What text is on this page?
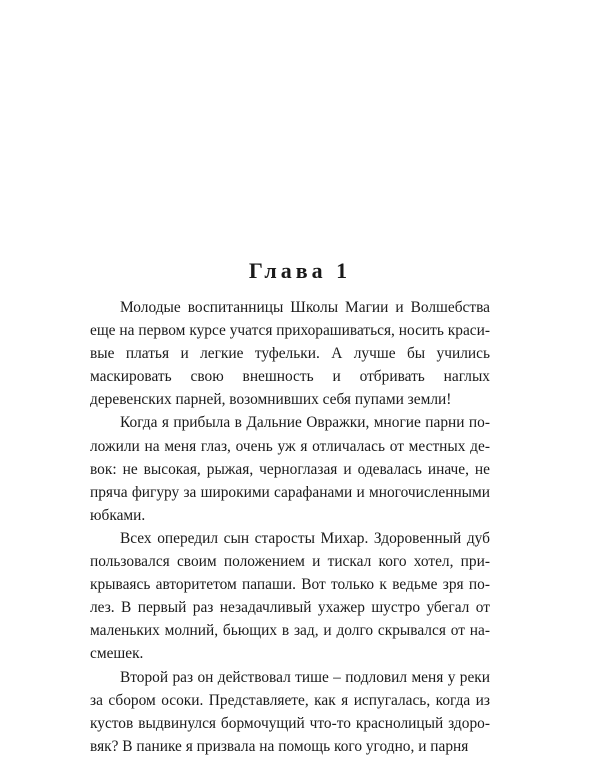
Глава 1

Молодые воспитанницы Школы Магии и Волшебства еще на первом курсе учатся прихорашиваться, носить красивые платья и легкие туфельки. А лучше бы учились маскировать свою внешность и отбривать наглых деревенских парней, возомнивших себя пупами земли!

Когда я прибыла в Дальние Овражки, многие парни положили на меня глаз, очень уж я отличалась от местных девок: не высокая, рыжая, черноглазая и одевалась иначе, не пряча фигуру за широкими сарафанами и многочисленными юбками.

Всех опередил сын старосты Михар. Здоровенный дуб пользовался своим положением и тискал кого хотел, прикрываясь авторитетом папаши. Вот только к ведьме зря полез. В первый раз незадачливый ухажер шустро убегал от маленьких молний, бьющих в зад, и долго скрывался от насмешек.

Второй раз он действовал тише – подловил меня у реки за сбором осоки. Представляете, как я испугалась, когда из кустов выдвинулся бормочущий что-то краснолицый здоровяк? В панике я призвала на помощь кого угодно, и парня
